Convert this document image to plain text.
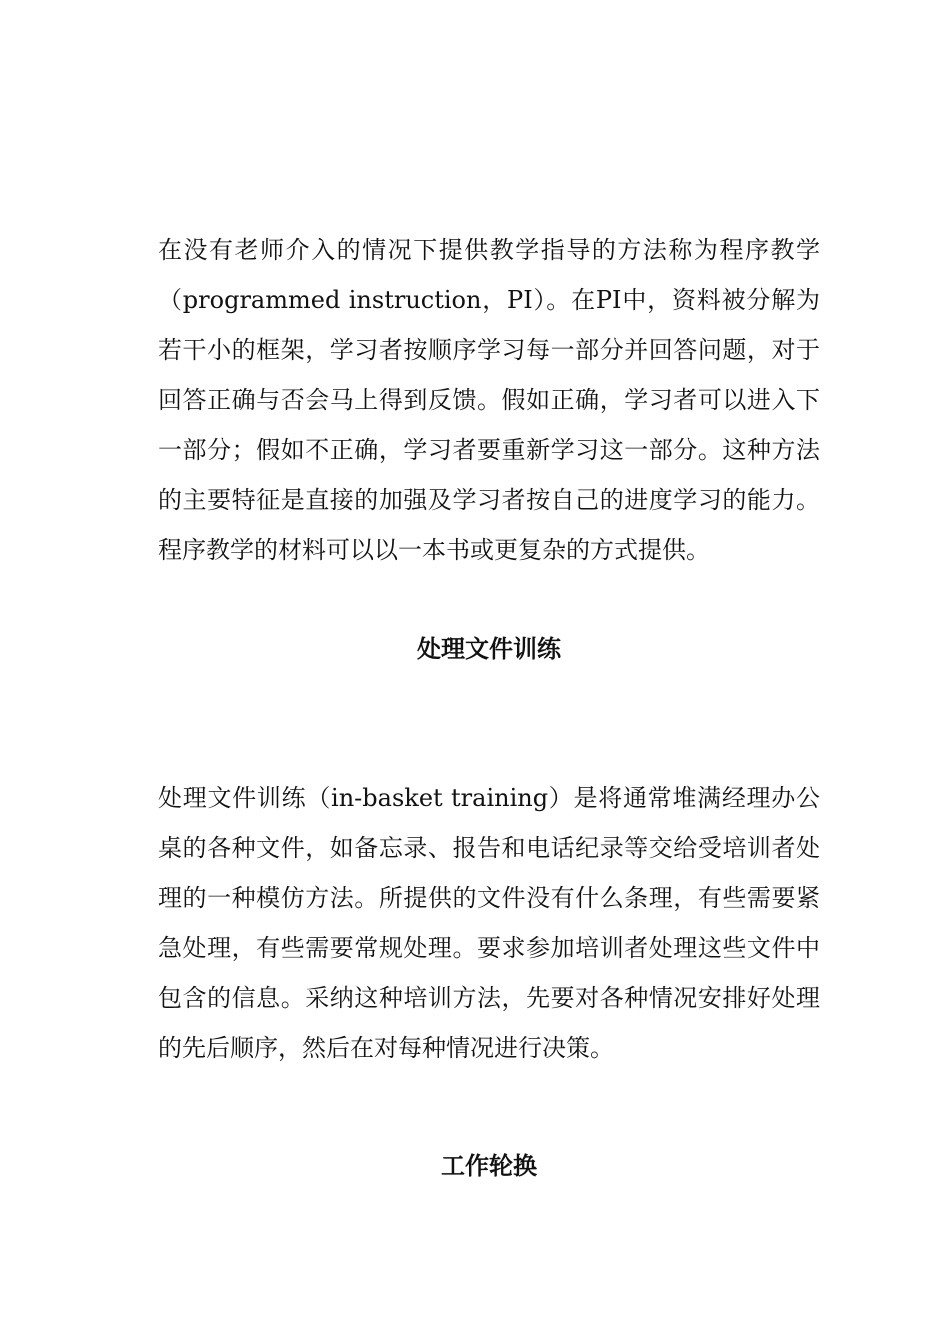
在没有老师介入的情况下提供教学指导的方法称为程序教学（programmed instruction，PI）。在PI中，资料被分解为若干小的框架，学习者按顺序学习每一部分并回答问题，对于回答正确与否会马上得到反馈。假如正确，学习者可以进入下一部分；假如不正确，学习者要重新学习这一部分。这种方法的主要特征是直接的加强及学习者按自己的进度学习的能力。程序教学的材料可以以一本书或更复杂的方式提供。

处理文件训练

处理文件训练（in-basket training）是将通常堆满经理办公桌的各种文件，如备忘录、报告和电话纪录等交给受培训者处理的一种模仿方法。所提供的文件没有什么条理，有些需要紧急处理，有些需要常规处理。要求参加培训者处理这些文件中包含的信息。采纳这种培训方法，先要对各种情况安排好处理的先后顺序，然后在对每种情况进行决策。

工作轮换
